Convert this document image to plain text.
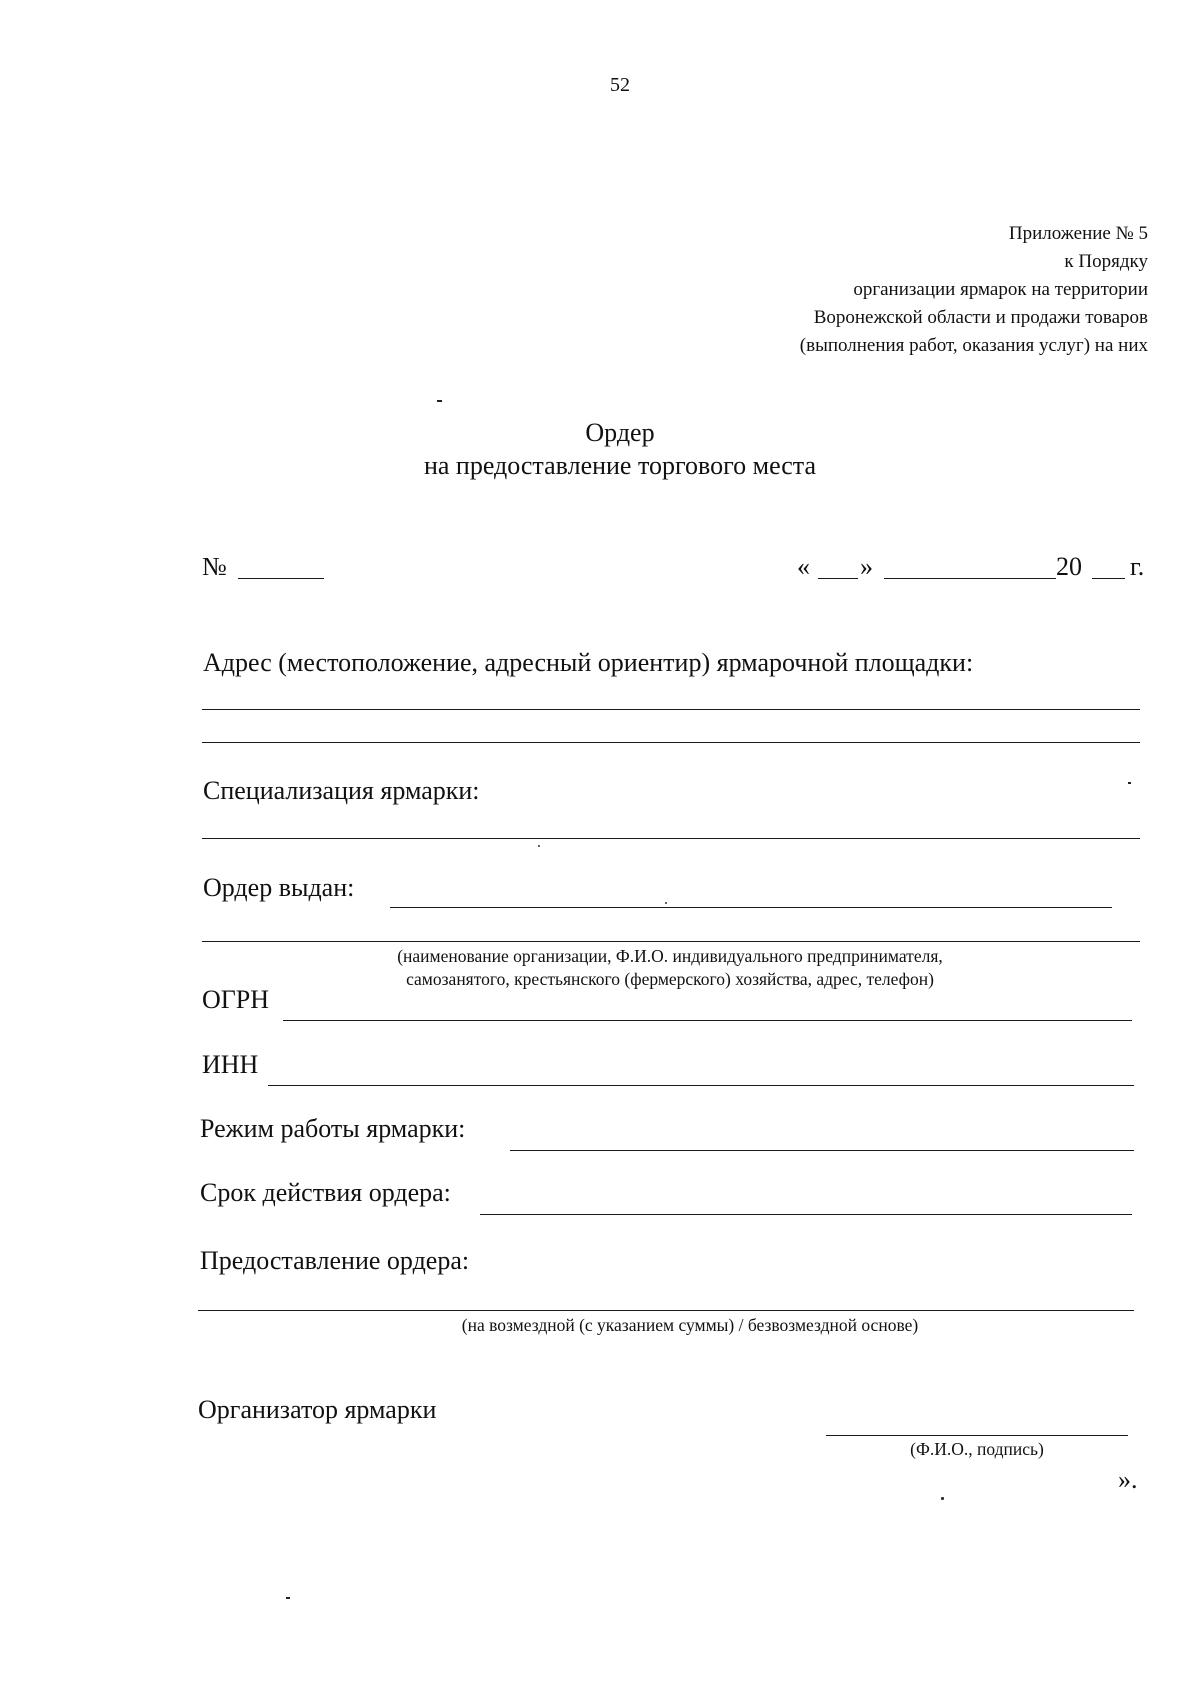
52
Приложение № 5
к Порядку
организации ярмарок на территории
Воронежской области и продажи товаров
(выполнения работ, оказания услуг) на них
Ордер
на предоставление торгового места
№	« »	20 г.
Адрес (местоположение, адресный ориентир) ярмарочной площадки:
Специализация ярмарки:
Ордер выдан:
(наименование организации, Ф.И.О. индивидуального предпринимателя,
самозанятого, крестьянского (фермерского) хозяйства, адрес, телефон)
ОГРН
ИНН
Режим работы ярмарки:
Срок действия ордера:
Предоставление ордера:
(на возмездной (с указанием суммы) / безвозмездной основе)
Организатор ярмарки
(Ф.И.О., подпись)
».
